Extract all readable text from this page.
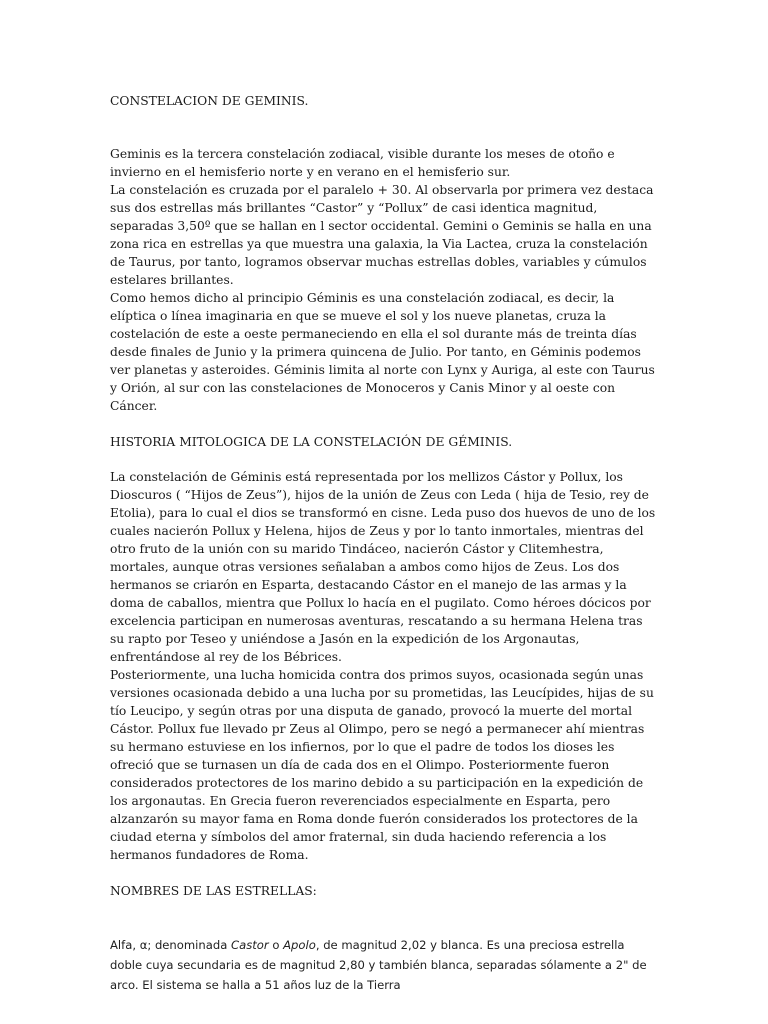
CONSTELACION DE GEMINIS.

Geminis es la tercera constelación zodiacal, visible durante los meses de otoño e invierno en el hemisferio norte y en verano en el hemisferio sur.

La constelación es cruzada por el paralelo + 30. Al observarla por primera vez destaca sus dos estrellas más brillantes “Castor” y “Pollux” de casi identica magnitud, separadas 3,50º que se hallan en l sector occidental. Gemini o Geminis se halla en una zona rica en estrellas ya que muestra una galaxia, la Via Lactea, cruza la constelación de Taurus, por tanto, logramos observar muchas estrellas dobles, variables y cúmulos estelares brillantes.

Como hemos dicho al principio Géminis es una constelación zodiacal, es decir, la elíptica o línea imaginaria en que se mueve el sol y los nueve planetas, cruza la costelación de este a oeste permaneciendo en ella el sol durante más de treinta días desde finales de Junio y la primera quincena de Julio. Por tanto, en Géminis podemos ver planetas y asteroides. Géminis limita al norte con Lynx y Auriga, al este con Taurus y Orión, al sur con las constelaciones de Monoceros y Canis Minor y al oeste con Cáncer.

HISTORIA MITOLOGICA DE LA CONSTELACIÓN DE GÉMINIS.

La constelación de Géminis está representada por los mellizos Cástor y Pollux, los Dioscuros ( “Hijos de Zeus”), hijos de la unión de Zeus con Leda ( hija de Tesio, rey de Etolia), para lo cual el dios se transformó en cisne. Leda puso dos huevos de uno de los cuales nacierón Pollux y Helena, hijos de Zeus y por lo tanto inmortales, mientras del otro fruto de la unión con su marido Tindáceo, nacierón Cástor y Clitemhestra, mortales, aunque otras versiones señalaban a ambos como hijos de Zeus. Los dos hermanos se criarón en Esparta, destacando Cástor en el manejo de las armas y la doma de caballos, mientra que Pollux lo hacía en el pugilato. Como héroes dócicos por excelencia participan en numerosas aventuras, rescatando a su hermana Helena tras su rapto por Teseo y uniéndose a Jasón en la expedición de los Argonautas, enfrentándose al rey de los Bébrices.

Posteriormente, una lucha homicida contra dos primos suyos, ocasionada según unas versiones ocasionada debido a una lucha por su prometidas, las Leucípides, hijas de su tío Leucipo, y según otras por una disputa de ganado, provocó la muerte del mortal Cástor. Pollux fue llevado pr Zeus al Olimpo, pero se negó a permanecer ahí mientras su hermano estuviese en los infiernos, por lo que el padre de todos los dioses les ofreció que se turnasen un día de cada dos en el Olimpo. Posteriormente fueron considerados protectores de los marino debido a su participación en la expedición de los argonautas. En Grecia fueron reverenciados especialmente en Esparta, pero alzanzarón su mayor fama en Roma donde fuerón considerados los protectores de la ciudad eterna y símbolos del amor fraternal, sin duda haciendo referencia a los hermanos fundadores de Roma.

NOMBRES DE LAS ESTRELLAS:

Alfa, α; denominada Castor o Apolo, de magnitud 2,02 y blanca. Es una preciosa estrella doble cuya secundaria es de magnitud 2,80 y también blanca, separadas sólamente a 2" de arco. El sistema se halla a 51 años luz de la Tierra
